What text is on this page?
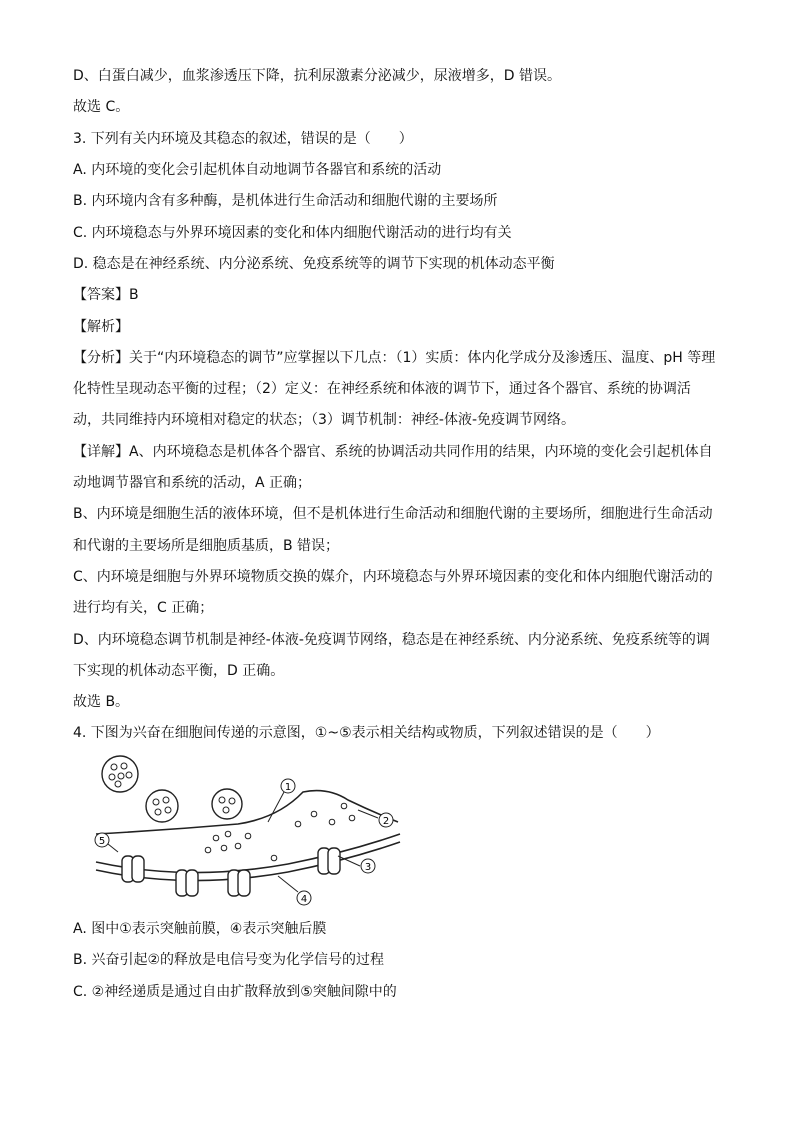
D、白蛋白减少，血浆渗透压下降，抗利尿激素分泌减少，尿液增多，D 错误。
故选 C。
3. 下列有关内环境及其稳态的叙述，错误的是（　　）
A. 内环境的变化会引起机体自动地调节各器官和系统的活动
B. 内环境内含有多种酶，是机体进行生命活动和细胞代谢的主要场所
C. 内环境稳态与外界环境因素的变化和体内细胞代谢活动的进行均有关
D. 稳态是在神经系统、内分泌系统、免疫系统等的调节下实现的机体动态平衡
【答案】B
【解析】
【分析】关于“内环境稳态的调节”应掌握以下几点：（1）实质：体内化学成分及渗透压、温度、pH 等理
化特性呈现动态平衡的过程；（2）定义：在神经系统和体液的调节下，通过各个器官、系统的协调活
动，共同维持内环境相对稳定的状态；（3）调节机制：神经-体液-免疫调节网络。
【详解】A、内环境稳态是机体各个器官、系统的协调活动共同作用的结果，内环境的变化会引起机体自
动地调节器官和系统的活动，A 正确；
B、内环境是细胞生活的液体环境，但不是机体进行生命活动和细胞代谢的主要场所，细胞进行生命活动
和代谢的主要场所是细胞质基质，B 错误；
C、内环境是细胞与外界环境物质交换的媒介，内环境稳态与外界环境因素的变化和体内细胞代谢活动的
进行均有关，C 正确；
D、内环境稳态调节机制是神经-体液-免疫调节网络，稳态是在神经系统、内分泌系统、免疫系统等的调
下实现的机体动态平衡，D 正确。
故选 B。
4. 下图为兴奋在细胞间传递的示意图，①~⑤表示相关结构或物质，下列叙述错误的是（　　）
1
2
3
4
5
A. 图中①表示突触前膜，④表示突触后膜
B. 兴奋引起②的释放是电信号变为化学信号的过程
C. ②神经递质是通过自由扩散释放到⑤突触间隙中的
